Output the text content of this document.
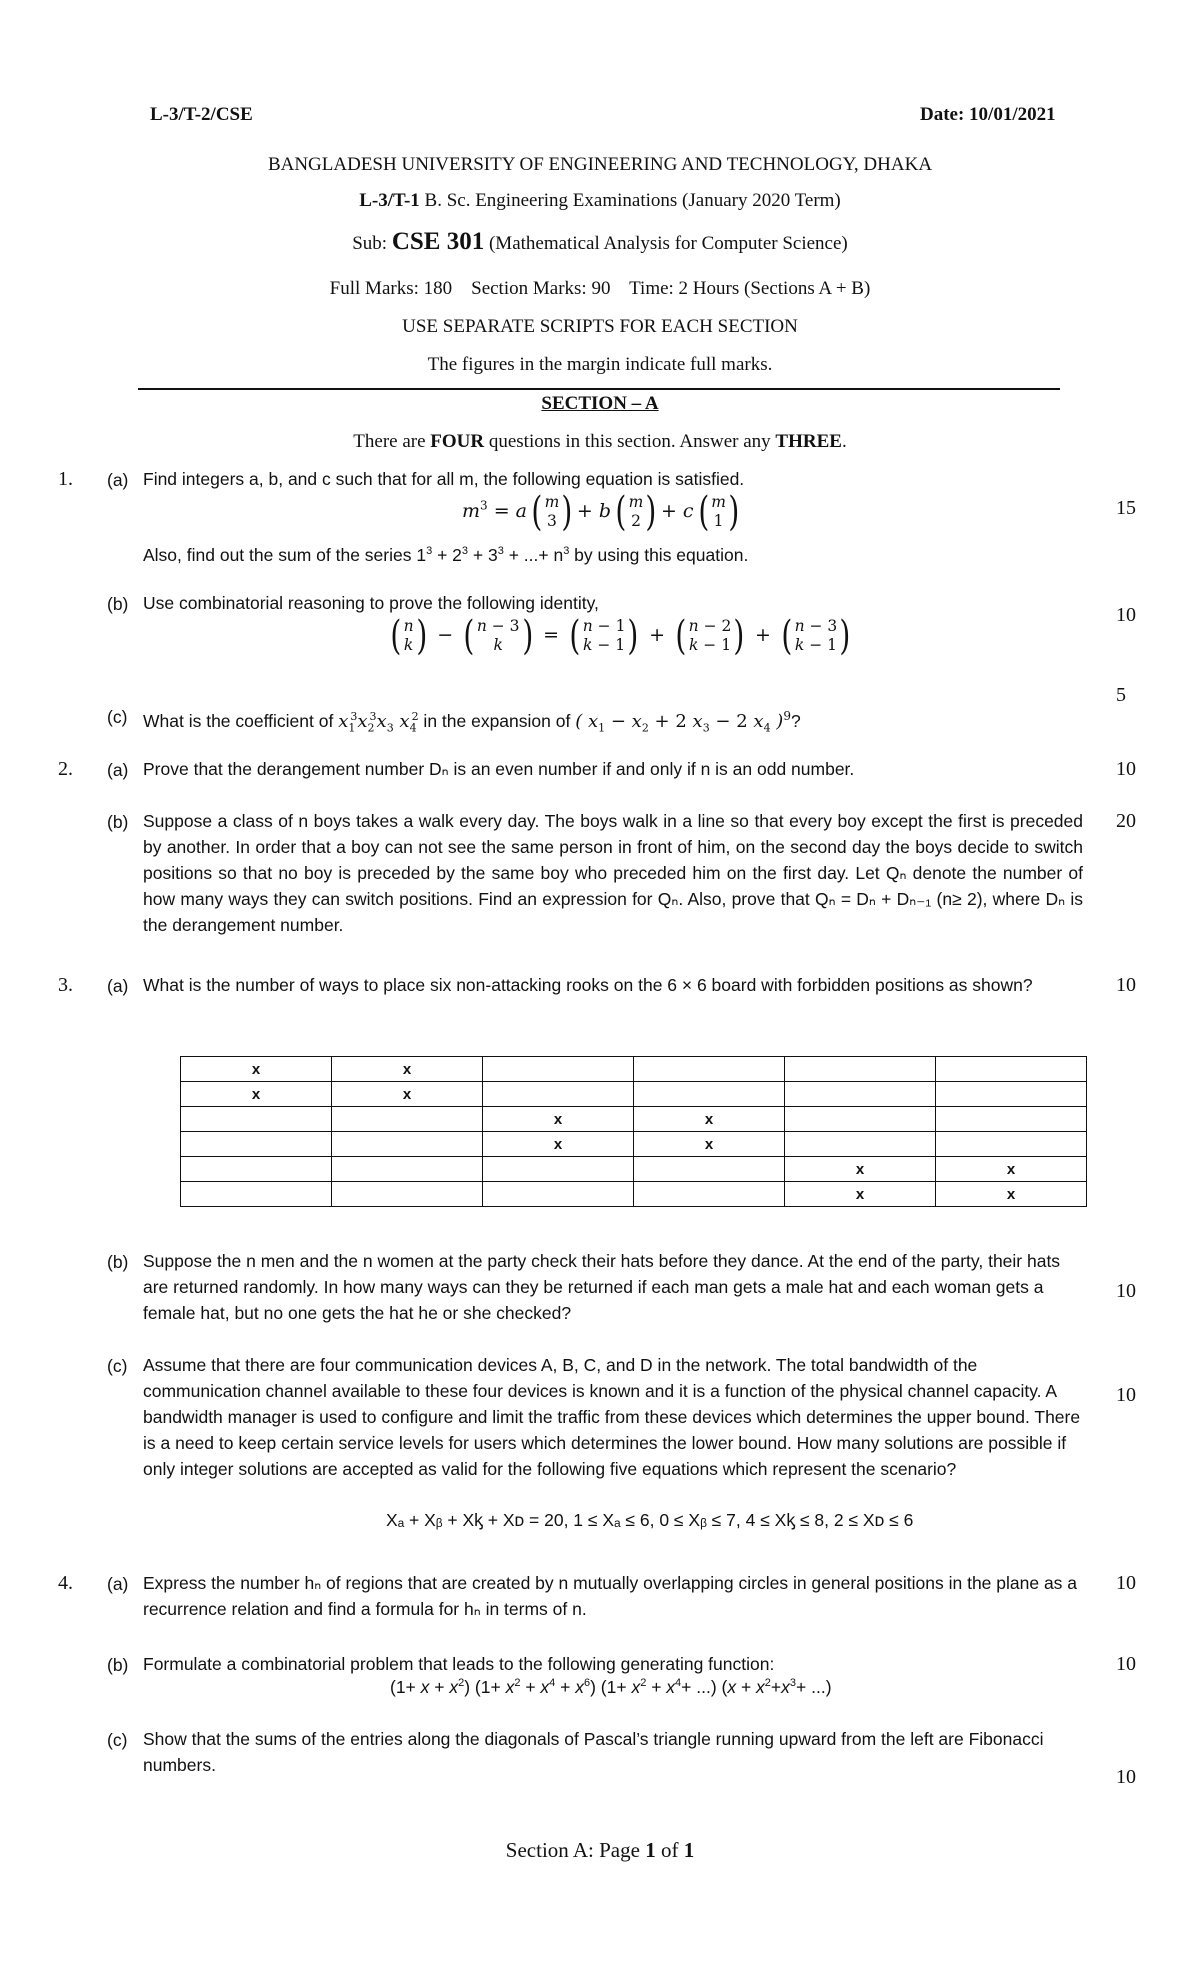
L-3/T-2/CSE	Date: 10/01/2021
BANGLADESH UNIVERSITY OF ENGINEERING AND TECHNOLOGY, DHAKA
L-3/T-1 B. Sc. Engineering Examinations (January 2020 Term)
Sub: CSE 301 (Mathematical Analysis for Computer Science)
Full Marks: 180    Section Marks: 90    Time: 2 Hours (Sections A + B)
USE SEPARATE SCRIPTS FOR EACH SECTION
The figures in the margin indicate full marks.
SECTION – A
There are FOUR questions in this section. Answer any THREE.
1. (a) Find integers a, b, and c such that for all m, the following equation is satisfied.
$m^3 = a$ ( m
3 ) + b ( m
2 ) + c ( m
1 )	15
Also, find out the sum of the series $1^3 + 2^3 + 3^3$ + ...+ $n^3$ by using this equation.
(b) Use combinatorial reasoning to prove the following identity,
10
( n
k) − ( n − 3
k ) = ( n − 1
k − 1) + ( n − 2
k − 1) + ( n − 3
k − 1)
5
(c) What is the coefficient of $x_1^3x_2^3x_3$ $x_4^2$ in the expansion of ( $x_1 - x_2 + 2$ $x_3 - 2$ $x_4$ )$^9$?
2. (a) Prove that the derangement number Dₙ is an even number if and only if n is an odd number.	10
(b) Suppose a class of n boys takes a walk every day. The boys walk in a line so that every boy except the first is preceded by another. In order that a boy can not see the same person in front of him, on the second day the boys decide to switch positions so that no boy is preceded by the same boy who preceded him on the first day. Let Qₙ denote the number of how many ways they can switch positions. Find an expression for Qₙ. Also, prove that Qₙ = Dₙ + Dₙ₋₁ (n≥ 2), where Dₙ is the derangement number.
20
3. (a) What is the number of ways to place six non-attacking rooks on the 6 × 6 board with forbidden positions as shown?	10
x	x				
x	x				
		x	x		
		x	x		
				x	x
				x	x
(b) Suppose the n men and the n women at the party check their hats before they dance. At the end of the party, their hats are returned randomly. In how many ways can they be returned if each man gets a male hat and each woman gets a female hat, but no one gets the hat he or she checked?
10
(c) Assume that there are four communication devices A, B, C, and D in the network. The total bandwidth of the communication channel available to these four devices is known and it is a function of the physical channel capacity. A bandwidth manager is used to configure and limit the traffic from these devices which determines the upper bound. There is a need to keep certain service levels for users which determines the lower bound. How many solutions are possible if only integer solutions are accepted as valid for the following five equations which represent the scenario?
10
Xₐ + Xᵦ + Xᶄ + Xᴅ = 20, 1 ≤ Xₐ ≤ 6, 0 ≤ Xᵦ ≤ 7, 4 ≤ Xᶄ ≤ 8, 2 ≤ Xᴅ ≤ 6
4. (a) Express the number hₙ of regions that are created by n mutually overlapping circles in general positions in the plane as a recurrence relation and find a formula for hₙ in terms of n.
10
(b) Formulate a combinatorial problem that leads to the following generating function:	10
$(1+ x + x^2)$ $(1+ x^2 + x^4 + x^6)$ ($1+ x^2 + x^4+$ ...) ($x + x^2+x^3+$ ...)
(c) Show that the sums of the entries along the diagonals of Pascal’s triangle running upward from the left are Fibonacci numbers.
10
Section A: Page 1 of 1
